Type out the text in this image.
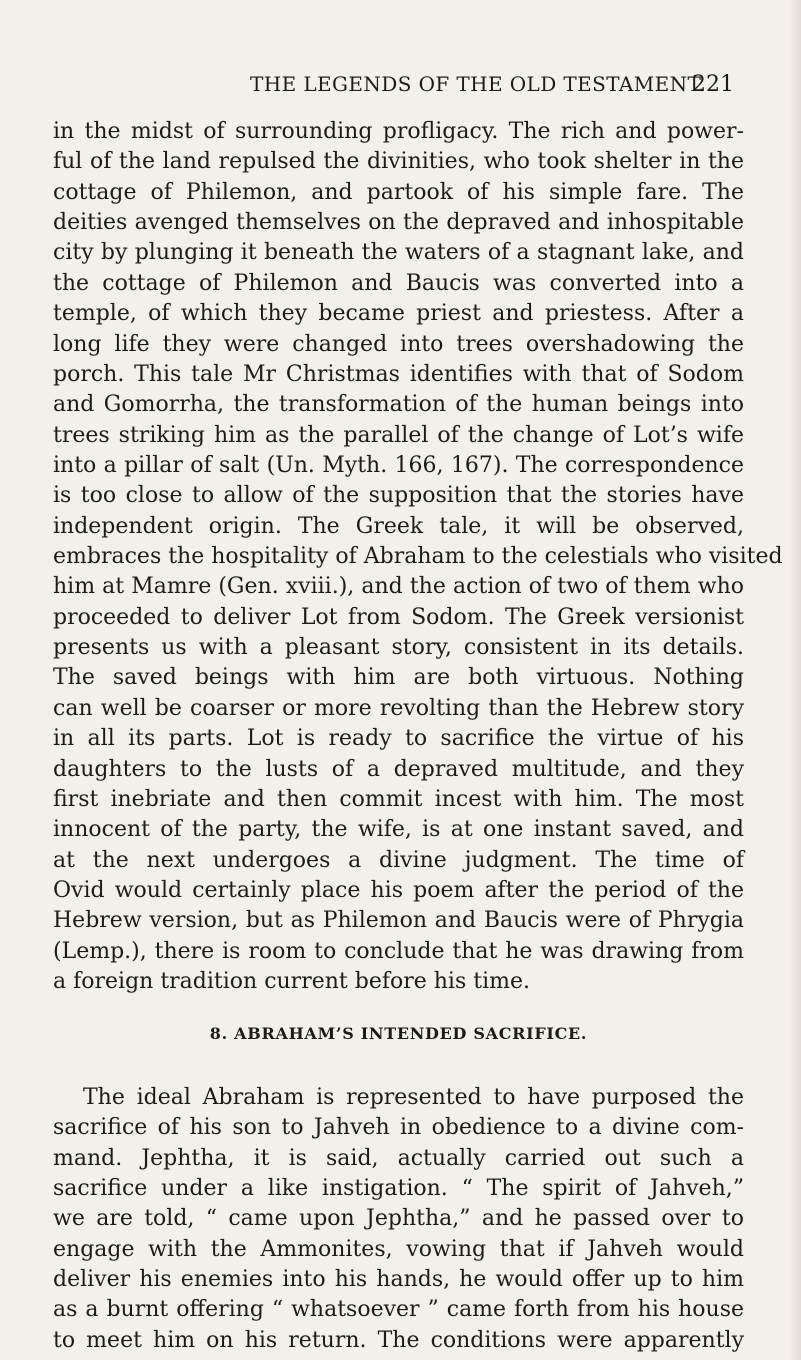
THE LEGENDS OF THE OLD TESTAMENT.
221
in the midst of surrounding profligacy. The rich and power-
ful of the land repulsed the divinities, who took shelter in the
cottage of Philemon, and partook of his simple fare. The
deities avenged themselves on the depraved and inhospitable
city by plunging it beneath the waters of a stagnant lake, and
the cottage of Philemon and Baucis was converted into a
temple, of which they became priest and priestess. After a
long life they were changed into trees overshadowing the
porch. This tale Mr Christmas identifies with that of Sodom
and Gomorrha, the transformation of the human beings into
trees striking him as the parallel of the change of Lot’s wife
into a pillar of salt (Un. Myth. 166, 167). The correspondence
is too close to allow of the supposition that the stories have
independent origin. The Greek tale, it will be observed,
embraces the hospitality of Abraham to the celestials who visited
him at Mamre (Gen. xviii.), and the action of two of them who
proceeded to deliver Lot from Sodom. The Greek versionist
presents us with a pleasant story, consistent in its details.
The saved beings with him are both virtuous. Nothing
can well be coarser or more revolting than the Hebrew story
in all its parts. Lot is ready to sacrifice the virtue of his
daughters to the lusts of a depraved multitude, and they
first inebriate and then commit incest with him. The most
innocent of the party, the wife, is at one instant saved, and
at the next undergoes a divine judgment. The time of
Ovid would certainly place his poem after the period of the
Hebrew version, but as Philemon and Baucis were of Phrygia
(Lemp.), there is room to conclude that he was drawing from
a foreign tradition current before his time.
8. ABRAHAM’S INTENDED SACRIFICE.
The ideal Abraham is represented to have purposed the
sacrifice of his son to Jahveh in obedience to a divine com-
mand. Jephtha, it is said, actually carried out such a
sacrifice under a like instigation. “ The spirit of Jahveh,”
we are told, “ came upon Jephtha,” and he passed over to
engage with the Ammonites, vowing that if Jahveh would
deliver his enemies into his hands, he would offer up to him
as a burnt offering “ whatsoever ” came forth from his house
to meet him on his return. The conditions were apparently
